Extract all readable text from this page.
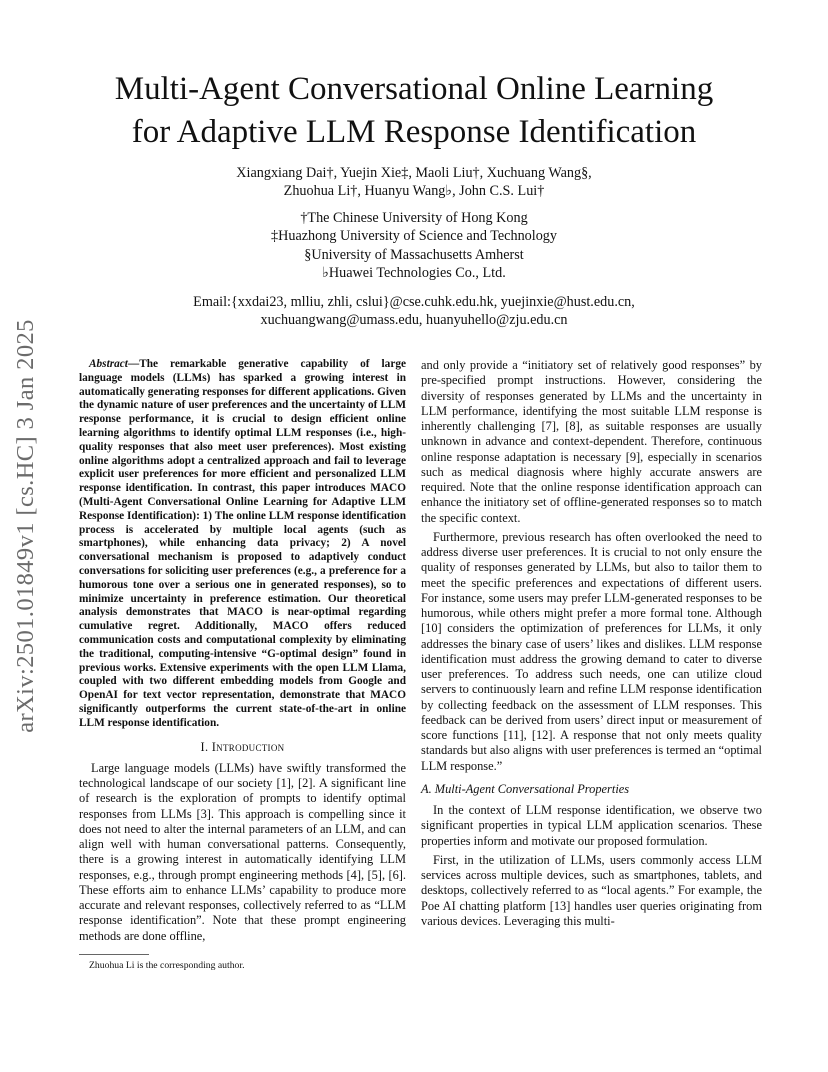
arXiv:2501.01849v1 [cs.HC] 3 Jan 2025
Multi-Agent Conversational Online Learning
for Adaptive LLM Response Identification
Xiangxiang Dai†, Yuejin Xie‡, Maoli Liu†, Xuchuang Wang§,
Zhuohua Li†, Huanyu Wang♭, John C.S. Lui†
†The Chinese University of Hong Kong
‡Huazhong University of Science and Technology
§University of Massachusetts Amherst
♭Huawei Technologies Co., Ltd.
Email:{xxdai23, mlliu, zhli, cslui}@cse.cuhk.edu.hk, yuejinxie@hust.edu.cn,
xuchuangwang@umass.edu, huanyuhello@zju.edu.cn

Abstract—The remarkable generative capability of large language models (LLMs) has sparked a growing interest in automatically generating responses for different applications. Given the dynamic nature of user preferences and the uncertainty of LLM response performance, it is crucial to design efficient online learning algorithms to identify optimal LLM responses (i.e., high-quality responses that also meet user preferences). Most existing online algorithms adopt a centralized approach and fail to leverage explicit user preferences for more efficient and personalized LLM response identification. In contrast, this paper introduces MACO (Multi-Agent Conversational Online Learning for Adaptive LLM Response Identification): 1) The online LLM response identification process is accelerated by multiple local agents (such as smartphones), while enhancing data privacy; 2) A novel conversational mechanism is proposed to adaptively conduct conversations for soliciting user preferences (e.g., a preference for a humorous tone over a serious one in generated responses), so to minimize uncertainty in preference estimation. Our theoretical analysis demonstrates that MACO is near-optimal regarding cumulative regret. Additionally, MACO offers reduced communication costs and computational complexity by eliminating the traditional, computing-intensive “G-optimal design” found in previous works. Extensive experiments with the open LLM Llama, coupled with two different embedding models from Google and OpenAI for text vector representation, demonstrate that MACO significantly outperforms the current state-of-the-art in online LLM response identification.

I. Introduction

Large language models (LLMs) have swiftly transformed the technological landscape of our society [1], [2]. A significant line of research is the exploration of prompts to identify optimal responses from LLMs [3]. This approach is compelling since it does not need to alter the internal parameters of an LLM, and can align well with human conversational patterns. Consequently, there is a growing interest in automatically identifying LLM responses, e.g., through prompt engineering methods [4], [5], [6]. These efforts aim to enhance LLMs’ capability to produce more accurate and relevant responses, collectively referred to as “LLM response identification”. Note that these prompt engineering methods are done offline,

Zhuohua Li is the corresponding author.

and only provide a “initiatory set of relatively good responses” by pre-specified prompt instructions. However, considering the diversity of responses generated by LLMs and the uncertainty in LLM performance, identifying the most suitable LLM response is inherently challenging [7], [8], as suitable responses are usually unknown in advance and context-dependent. Therefore, continuous online response adaptation is necessary [9], especially in scenarios such as medical diagnosis where highly accurate answers are required. Note that the online response identification approach can enhance the initiatory set of offline-generated responses so to match the specific context.

Furthermore, previous research has often overlooked the need to address diverse user preferences. It is crucial to not only ensure the quality of responses generated by LLMs, but also to tailor them to meet the specific preferences and expectations of different users. For instance, some users may prefer LLM-generated responses to be humorous, while others might prefer a more formal tone. Although [10] considers the optimization of preferences for LLMs, it only addresses the binary case of users’ likes and dislikes. LLM response identification must address the growing demand to cater to diverse user preferences. To address such needs, one can utilize cloud servers to continuously learn and refine LLM response identification by collecting feedback on the assessment of LLM responses. This feedback can be derived from users’ direct input or measurement of score functions [11], [12]. A response that not only meets quality standards but also aligns with user preferences is termed an “optimal LLM response.”

A. Multi-Agent Conversational Properties

In the context of LLM response identification, we observe two significant properties in typical LLM application scenarios. These properties inform and motivate our proposed formulation.

First, in the utilization of LLMs, users commonly access LLM services across multiple devices, such as smartphones, tablets, and desktops, collectively referred to as “local agents.” For example, the Poe AI chatting platform [13] handles user queries originating from various devices. Leveraging this multi-
